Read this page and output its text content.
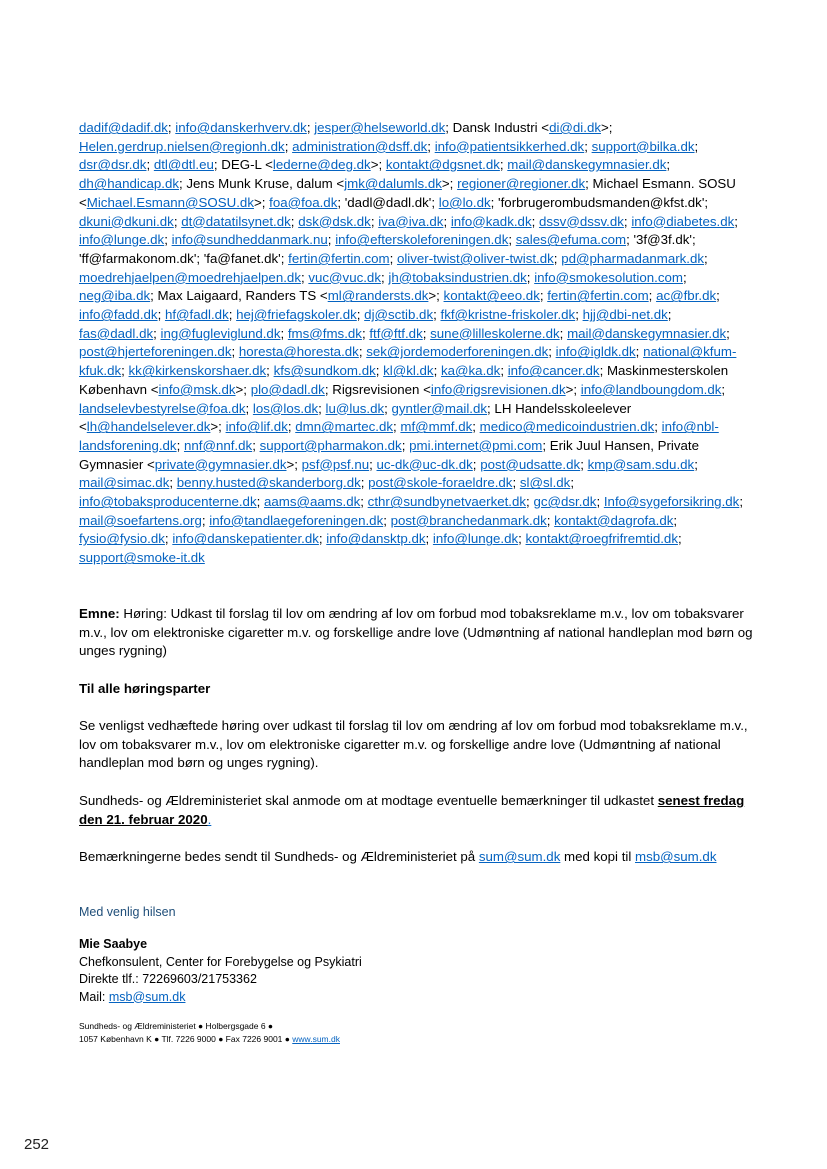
dadif@dadif.dk; info@danskerhverv.dk; jesper@helseworld.dk; Dansk Industri <di@di.dk>; Helen.gerdrup.nielsen@regionh.dk; administration@dsff.dk; info@patientsikkerhed.dk; support@bilka.dk; dsr@dsr.dk; dtl@dtl.eu; DEG-L <lederne@deg.dk>; kontakt@dgsnet.dk; mail@danskegymnasier.dk; dh@handicap.dk; Jens Munk Kruse, dalum <jmk@dalumls.dk>; regioner@regioner.dk; Michael Esmann. SOSU <Michael.Esmann@SOSU.dk>; foa@foa.dk; 'dadl@dadl.dk'; lo@lo.dk; 'forbrugerombudsmanden@kfst.dk'; dkuni@dkuni.dk; dt@datatilsynet.dk; dsk@dsk.dk; iva@iva.dk; info@kadk.dk; dssv@dssv.dk; info@diabetes.dk; info@lunge.dk; info@sundheddanmark.nu; info@efterskoleforeningen.dk; sales@efuma.com; '3f@3f.dk'; 'ff@farmakonom.dk'; 'fa@fanet.dk'; fertin@fertin.com; oliver-twist@oliver-twist.dk; pd@pharmadanmark.dk; moedrehjaelpen@moedrehjaelpen.dk; vuc@vuc.dk; jh@tobaksindustrien.dk; info@smokesolution.com; neg@iba.dk; Max Laigaard, Randers TS <ml@randersts.dk>; kontakt@eeo.dk; fertin@fertin.com; ac@fbr.dk; info@fadd.dk; hf@fadl.dk; hej@friefagskoler.dk; dj@sctib.dk; fkf@kristne-friskoler.dk; hjj@dbi-net.dk; fas@dadl.dk; ing@fugleviglund.dk; fms@fms.dk; ftf@ftf.dk; sune@lilleskolerne.dk; mail@danskegymnasier.dk; post@hjerteforeningen.dk; horesta@horesta.dk; sek@jordemoderforeningen.dk; info@igldk.dk; national@kfum-kfuk.dk; kk@kirkenskorshaer.dk; kfs@sundkom.dk; kl@kl.dk; ka@ka.dk; info@cancer.dk; Maskinmesterskolen København <info@msk.dk>; plo@dadl.dk; Rigsrevisionen <info@rigsrevisionen.dk>; info@landboungdom.dk; landselevbestyrelse@foa.dk; los@los.dk; lu@lus.dk; gyntler@mail.dk; LH Handelsskoleelever <lh@handelselever.dk>; info@lif.dk; dmn@martec.dk; mf@mmf.dk; medico@medicoindustrien.dk; info@nbl-landsforening.dk; nnf@nnf.dk; support@pharmakon.dk; pmi.internet@pmi.com; Erik Juul Hansen, Private Gymnasier <private@gymnasier.dk>; psf@psf.nu; uc-dk@uc-dk.dk; post@udsatte.dk; kmp@sam.sdu.dk; mail@simac.dk; benny.husted@skanderborg.dk; post@skole-foraeldre.dk; sl@sl.dk; info@tobaksproducenterne.dk; aams@aams.dk; cthr@sundbynetvaerket.dk; gc@dsr.dk; Info@sygeforsikring.dk; mail@soefartens.org; info@tandlaegeforeningen.dk; post@branchedanmark.dk; kontakt@dagrofa.dk; fysio@fysio.dk; info@danskepatienter.dk; info@dansktp.dk; info@lunge.dk; kontakt@roegfrifremtid.dk; support@smoke-it.dk
Emne: Høring: Udkast til forslag til lov om ændring af lov om forbud mod tobaksreklame m.v., lov om tobaksvarer m.v., lov om elektroniske cigaretter m.v. og forskellige andre love (Udmøntning af national handleplan mod børn og unges rygning)
Til alle høringsparter
Se venligst vedhæftede høring over udkast til forslag til lov om ændring af lov om forbud mod tobaksreklame m.v., lov om tobaksvarer m.v., lov om elektroniske cigaretter m.v. og forskellige andre love (Udmøntning af national handleplan mod børn og unges rygning).
Sundheds- og Ældreministeriet skal anmode om at modtage eventuelle bemærkninger til udkastet senest fredag den 21. februar 2020.
Bemærkningerne bedes sendt til Sundheds- og Ældreministeriet på sum@sum.dk med kopi til msb@sum.dk
Med venlig hilsen
Mie Saabye
Chefkonsulent, Center for Forebygelse og Psykiatri
Direkte tlf.: 72269603/21753362
Mail: msb@sum.dk
Sundheds- og Ældreministeriet ● Holbergsgade 6 ●
1057 København K ● Tlf. 7226 9000 ● Fax 7226 9001 ● www.sum.dk
252
